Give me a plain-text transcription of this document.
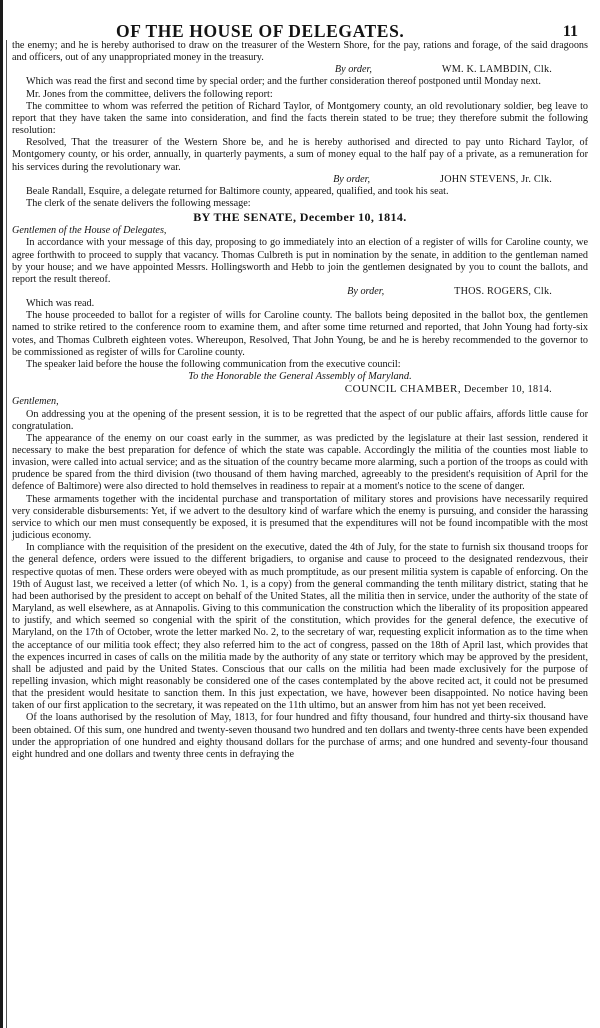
OF THE HOUSE OF DELEGATES.	11

the enemy; and he is hereby authorised to draw on the treasurer of the Western Shore, for the pay, rations and forage, of the said dragoons and officers, out of any unappropriated money in the treasury.

By order,	WM. K. LAMBDIN, Clk.

Which was read the first and second time by special order; and the further consideration thereof postponed until Monday next.

Mr. Jones from the committee, delivers the following report:

The committee to whom was referred the petition of Richard Taylor, of Montgomery county, an old revolutionary soldier, beg leave to report that they have taken the same into consideration, and find the facts therein stated to be true; they therefore submit the following resolution:

Resolved, That the treasurer of the Western Shore be, and he is hereby authorised and directed to pay unto Richard Taylor, of Montgomery county, or his order, annually, in quarterly payments, a sum of money equal to the half pay of a private, as a remuneration for his services during the revolutionary war.

By order,	JOHN STEVENS, Jr. Clk.

Beale Randall, Esquire, a delegate returned for Baltimore county, appeared, qualified, and took his seat.

The clerk of the senate delivers the following message:

BY THE SENATE, December 10, 1814.

Gentlemen of the House of Delegates,

In accordance with your message of this day, proposing to go immediately into an election of a register of wills for Caroline county, we agree forthwith to proceed to supply that vacancy. Thomas Culbreth is put in nomination by the senate, in addition to the gentleman named by your house; and we have appointed Messrs. Hollingsworth and Hebb to join the gentlemen designated by you to count the ballots, and report the result thereof.

By order,	THOS. ROGERS, Clk.

Which was read.

The house proceeded to ballot for a register of wills for Caroline county. The ballots being deposited in the ballot box, the gentlemen named to strike retired to the conference room to examine them, and after some time returned and reported, that John Young had forty-six votes, and Thomas Culbreth eighteen votes. Whereupon, Resolved, That John Young, be and he is hereby recommended to the governor to be commissioned as register of wills for Caroline county.

The speaker laid before the house the following communication from the executive council:

To the Honorable the General Assembly of Maryland.
COUNCIL CHAMBER, December 10, 1814.

Gentlemen,

On addressing you at the opening of the present session, it is to be regretted that the aspect of our public affairs, affords little cause for congratulation.

The appearance of the enemy on our coast early in the summer, as was predicted by the legislature at their last session, rendered it necessary to make the best preparation for defence of which the state was capable. Accordingly the militia of the counties most liable to invasion, were called into actual service; and as the situation of the country became more alarming, such a portion of the troops as could with prudence be spared from the third division (two thousand of them having marched, agreeably to the president's requisition of April for the defence of Baltimore) were also directed to hold themselves in readiness to repair at a moment's notice to the scene of danger.

These armaments together with the incidental purchase and transportation of military stores and provisions have necessarily required very considerable disbursements: Yet, if we advert to the desultory kind of warfare which the enemy is pursuing, and consider the harassing service to which our men must consequently be exposed, it is presumed that the expenditures will not be found incompatible with the most judicious economy.

In compliance with the requisition of the president on the executive, dated the 4th of July, for the state to furnish six thousand troops for the general defence, orders were issued to the different brigadiers, to organise and cause to proceed to the designated rendezvous, their respective quotas of men. These orders were obeyed with as much promptitude, as our present militia system is capable of enforcing. On the 19th of August last, we received a letter (of which No. 1, is a copy) from the general commanding the tenth military district, stating that he had been authorised by the president to accept on behalf of the United States, all the militia then in service, under the authority of the state of Maryland, as well elsewhere, as at Annapolis. Giving to this communication the construction which the liberality of its proposition appeared to justify, and which seemed so congenial with the spirit of the constitution, which provides for the general defence, the executive of Maryland, on the 17th of October, wrote the letter marked No. 2, to the secretary of war, requesting explicit information as to the time when the acceptance of our militia took effect; they also referred him to the act of congress, passed on the 18th of April last, which provides that the expences incurred in cases of calls on the militia made by the authority of any state or territory which may be approved by the president, shall be adjusted and paid by the United States. Conscious that our calls on the militia had been made exclusively for the purpose of repelling invasion, which might reasonably be considered one of the cases contemplated by the above recited act, it could not be presumed that the president would hesitate to sanction them. In this just expectation, we have, however been disappointed. No notice having been taken of our first application to the secretary, it was repeated on the 11th ultimo, but an answer from him has not yet been received.

Of the loans authorised by the resolution of May, 1813, for four hundred and fifty thousand, four hundred and thirty-six thousand have been obtained. Of this sum, one hundred and twenty-seven thousand two hundred and ten dollars and twenty-three cents have been expended under the appropriation of one hundred and eighty thousand dollars for the purchase of arms; and one hundred and seventy-four thousand eight hundred and one dollars and twenty three cents in defraying the
